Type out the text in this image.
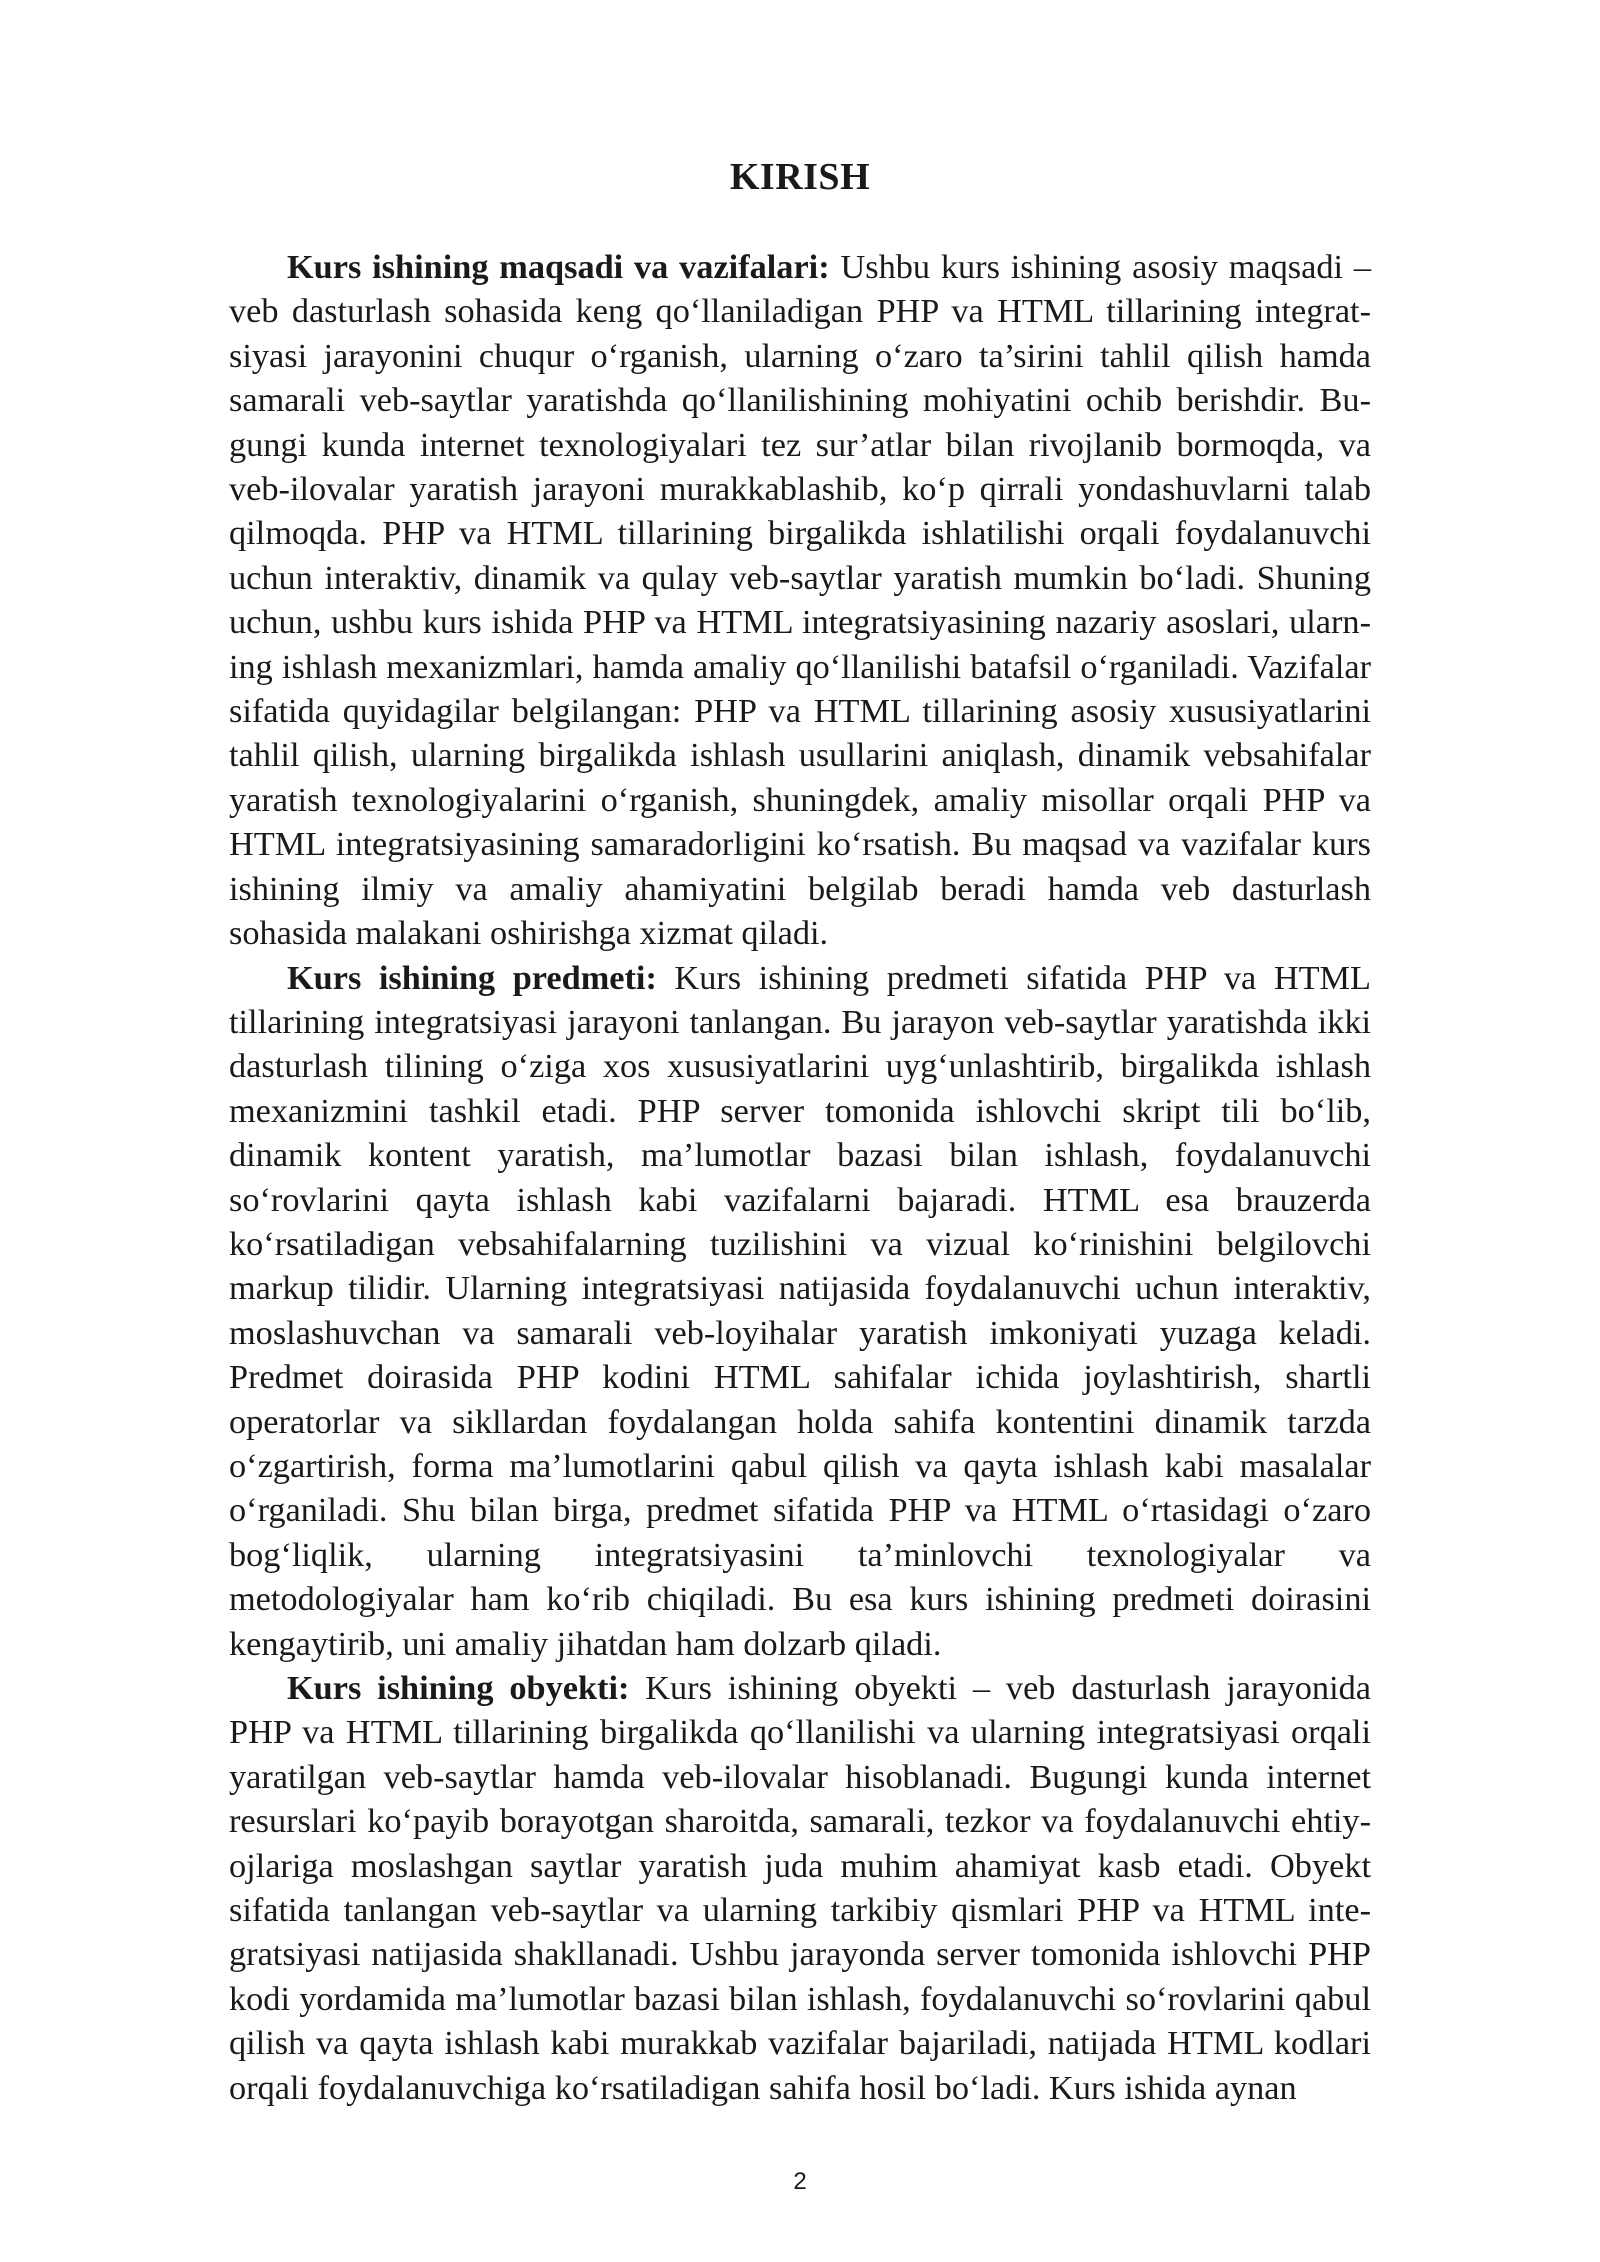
KIRISH

Kurs ishining maqsadi va vazifalari: Ushbu kurs ishining asosiy maqsadi – veb dasturlash sohasida keng qo‘llaniladigan PHP va HTML tillarining integratsiyasi jarayonini chuqur o‘rganish, ularning o‘zaro ta’sirini tahlil qilish hamda samarali veb-saytlar yaratishda qo‘llanilishining mohiyatini ochib berishdir. Bugungi kunda internet texnologiyalari tez sur’atlar bilan rivojlanib bormoqda, va veb-ilovalar yaratish jarayoni murakkablashib, ko‘p qirrali yondashuvlarni talab qilmoqda. PHP va HTML tillarining birgalikda ishlatilishi orqali foydalanuvchi uchun interaktiv, dinamik va qulay veb-saytlar yaratish mumkin bo‘ladi. Shuning uchun, ushbu kurs ishida PHP va HTML integratsiyasining nazariy asoslari, ularning ishlash mexanizmlari, hamda amaliy qo‘llanilishi batafsil o‘rganiladi. Vazifalar sifatida quyidagilar belgilangan: PHP va HTML tillarining asosiy xususiyatlarini tahlil qilish, ularning birgalikda ishlash usullarini aniqlash, dinamik vebsahifalar yaratish texnologiyalarini o‘rganish, shuningdek, amaliy misollar orqali PHP va HTML integratsiyasining samaradorligini ko‘rsatish. Bu maqsad va vazifalar kurs ishining ilmiy va amaliy ahamiyatini belgilab beradi hamda veb dasturlash sohasida malakani oshirishga xizmat qiladi.

Kurs ishining predmeti: Kurs ishining predmeti sifatida PHP va HTML tillarining integratsiyasi jarayoni tanlangan. Bu jarayon veb-saytlar yaratishda ikki dasturlash tilining o‘ziga xos xususiyatlarini uyg‘unlashtirib, birgalikda ishlash mexanizmini tashkil etadi. PHP server tomonida ishlovchi skript tili bo‘lib, dinamik kontent yaratish, ma’lumotlar bazasi bilan ishlash, foydalanuvchi so‘rovlarini qayta ishlash kabi vazifalarni bajaradi. HTML esa brauzerda ko‘rsatiladigan vebsahifalarning tuzilishini va vizual ko‘rinishini belgilovchi markup tilidir. Ularning integratsiyasi natijasida foydalanuvchi uchun interaktiv, moslashuvchan va samarali veb-loyihalar yaratish imkoniyati yuzaga keladi. Predmet doirasida PHP kodini HTML sahifalar ichida joylashtirish, shartli operatorlar va sikllardan foydalangan holda sahifa kontentini dinamik tarzda o‘zgartirish, forma ma’lumotlarini qabul qilish va qayta ishlash kabi masalalar o‘rganiladi. Shu bilan birga, predmet sifatida PHP va HTML o‘rtasidagi o‘zaro bog‘liqlik, ularning integratsiyasini ta’minlovchi texnologiyalar va metodologiyalar ham ko‘rib chiqiladi. Bu esa kurs ishining predmeti doirasini kengaytirib, uni amaliy jihatdan ham dolzarb qiladi.

Kurs ishining obyekti: Kurs ishining obyekti – veb dasturlash jarayonida PHP va HTML tillarining birgalikda qo‘llanilishi va ularning integratsiyasi orqali yaratilgan veb-saytlar hamda veb-ilovalar hisoblanadi. Bugungi kunda internet resurslari ko‘payib borayotgan sharoitda, samarali, tezkor va foydalanuvchi ehtiyojlariga moslashgan saytlar yaratish juda muhim ahamiyat kasb etadi. Obyekt sifatida tanlangan veb-saytlar va ularning tarkibiy qismlari PHP va HTML integratsiyasi natijasida shakllanadi. Ushbu jarayonda server tomonida ishlovchi PHP kodi yordamida ma’lumotlar bazasi bilan ishlash, foydalanuvchi so‘rovlarini qabul qilish va qayta ishlash kabi murakkab vazifalar bajariladi, natijada HTML kodlari orqali foydalanuvchiga ko‘rsatiladigan sahifa hosil bo‘ladi. Kurs ishida aynan

2
